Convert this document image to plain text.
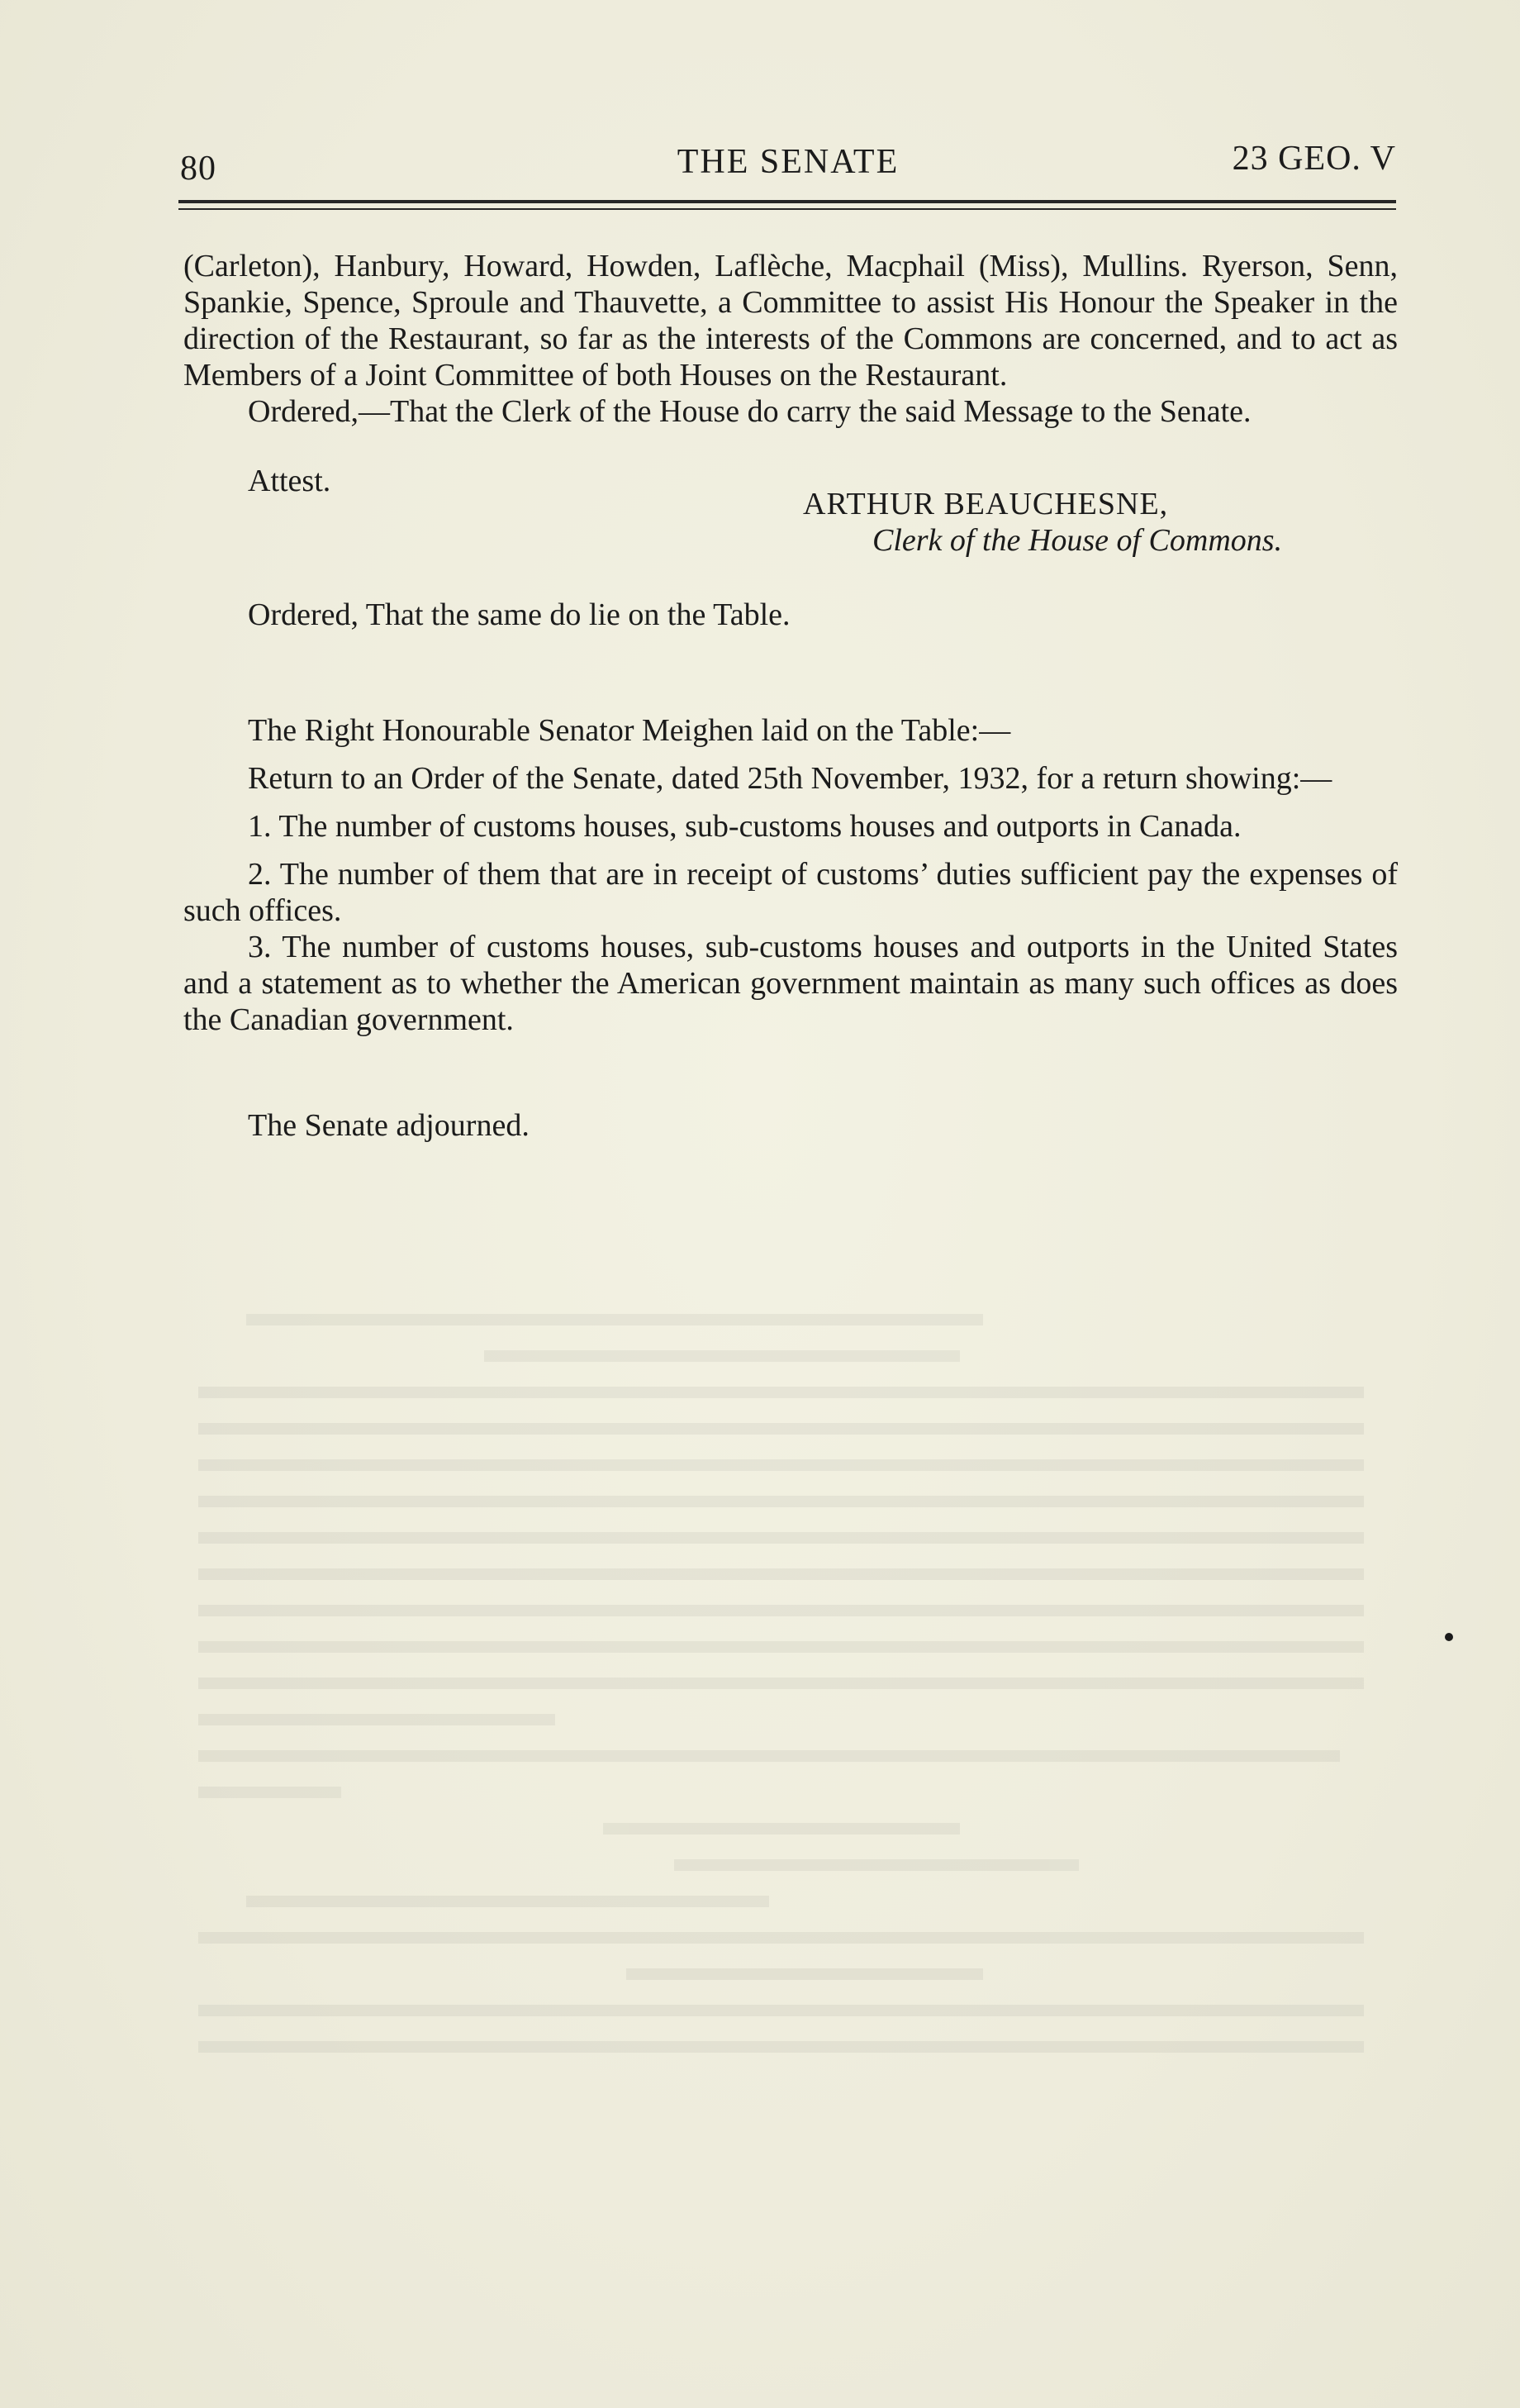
80	THE SENATE	23 GEO. V

(Carleton), Hanbury, Howard, Howden, Laflèche, Macphail (Miss), Mullins. Ryerson, Senn, Spankie, Spence, Sproule and Thauvette, a Committee to assist His Honour the Speaker in the direction of the Restaurant, so far as the interests of the Commons are concerned, and to act as Members of a Joint Committee of both Houses on the Restaurant.

Ordered,—That the Clerk of the House do carry the said Message to the Senate.

Attest.

ARTHUR BEAUCHESNE,

Clerk of the House of Commons.

Ordered, That the same do lie on the Table.

The Right Honourable Senator Meighen laid on the Table:—

Return to an Order of the Senate, dated 25th November, 1932, for a return showing:—

1. The number of customs houses, sub-customs houses and outports in Canada.

2. The number of them that are in receipt of customs’ duties sufficient pay the expenses of such offices.

3. The number of customs houses, sub-customs houses and outports in the United States and a statement as to whether the American government maintain as many such offices as does the Canadian government.

The Senate adjourned.
